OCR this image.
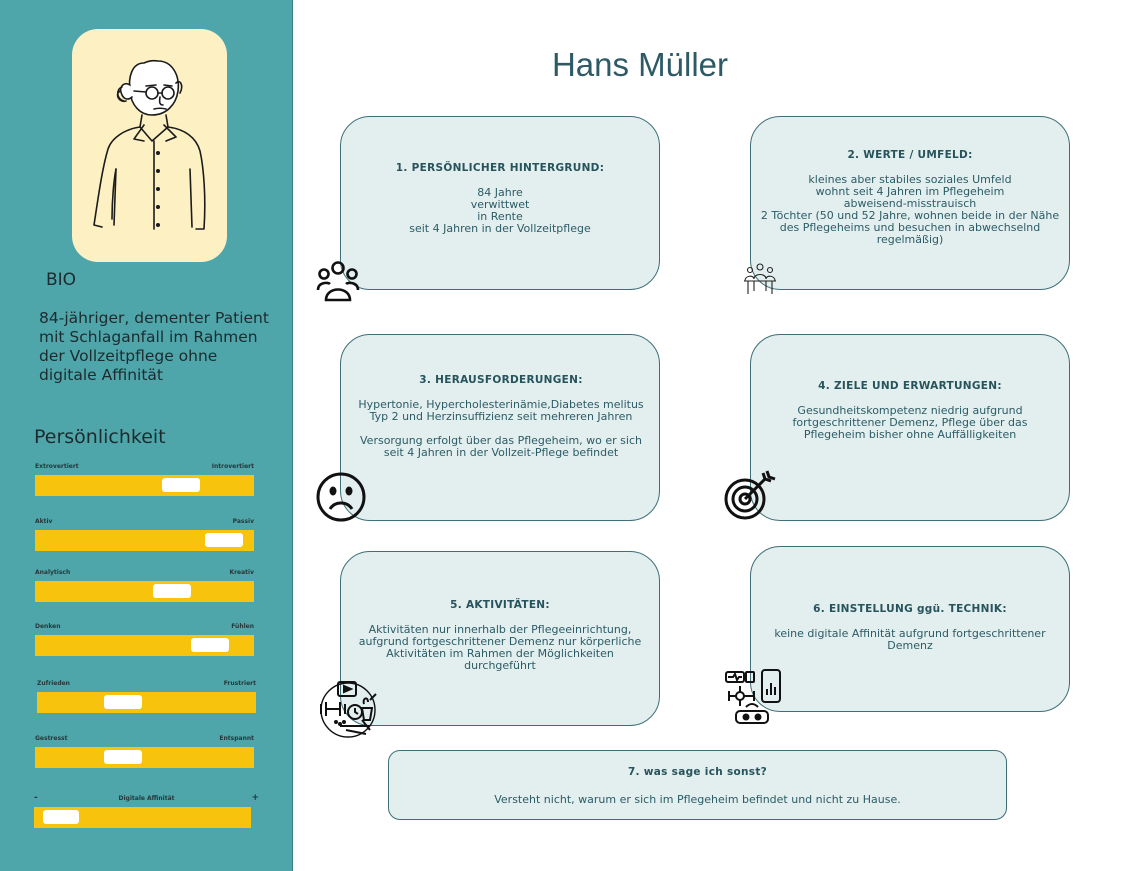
BIO
84-jähriger, dementer Patient mit Schlaganfall im Rahmen der Vollzeitpflege ohne digitale Affinität
Persönlichkeit
Extrovertiert	Introvertiert
Aktiv	Passiv
Analytisch	Kreativ
Denken	Fühlen
Zufrieden	Frustriert
Gestresst	Entspannt
-	Digitale Affinität	+
Hans Müller
1. PERSÖNLICHER HINTERGRUND:

84 Jahre

verwittwet

in Rente

seit 4 Jahren in der Vollzeitpflege

2. WERTE / UMFELD:

kleines aber stabiles soziales Umfeld

wohnt seit 4 Jahren im Pflegeheim

abweisend-misstrauisch

2 Töchter (50 und 52 Jahre, wohnen beide in der Nähe des Pflegeheims und besuchen in abwechselnd regelmäßig)

3. HERAUSFORDERUNGEN:

Hypertonie, Hypercholesterinämie,Diabetes melitus Typ 2 und Herzinsuffizienz seit mehreren Jahren

Versorgung erfolgt über das Pflegeheim, wo er sich seit 4 Jahren in der Vollzeit-Pflege befindet

4. ZIELE UND ERWARTUNGEN:

Gesundheitskompetenz niedrig aufgrund fortgeschrittener Demenz, Pflege über das Pflegeheim bisher ohne Auffälligkeiten

5. AKTIVITÄTEN:

Aktivitäten nur innerhalb der Pflegeeinrichtung, aufgrund fortgeschrittener Demenz nur körperliche Aktivitäten im Rahmen der Möglichkeiten durchgeführt

6. EINSTELLUNG ggü. TECHNIK:

keine digitale Affinität aufgrund fortgeschrittener Demenz

7. was sage ich sonst?

Versteht nicht, warum er sich im Pflegeheim befindet und nicht zu Hause.
